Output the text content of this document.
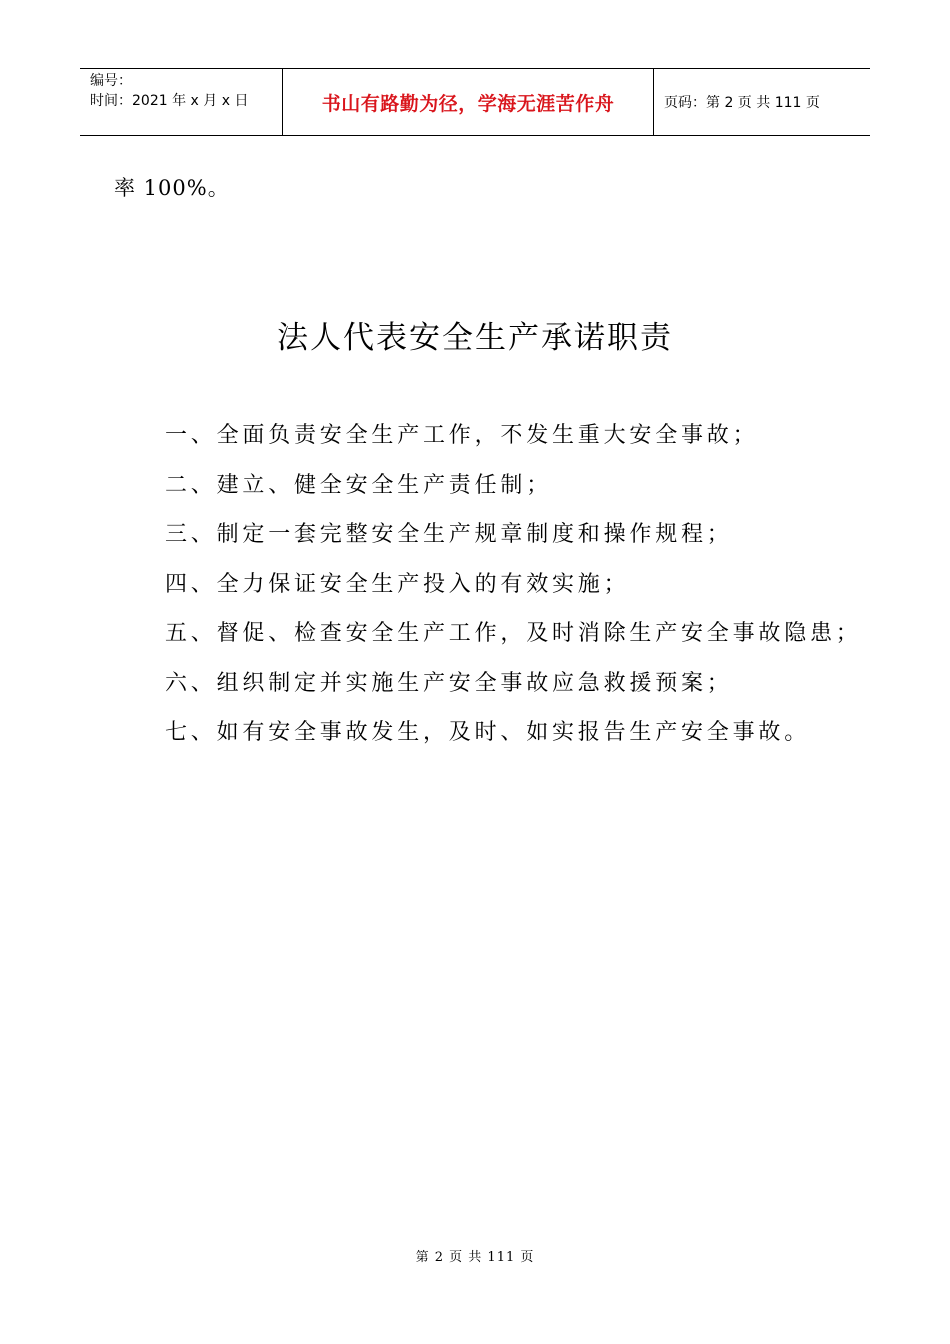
编号：
时间：2021 年 x 月 x 日	书山有路勤为径，学海无涯苦作舟	页码：第 2 页 共 111 页
率 100%。
法人代表安全生产承诺职责
一、全面负责安全生产工作，不发生重大安全事故；
二、建立、健全安全生产责任制；
三、制定一套完整安全生产规章制度和操作规程；
四、全力保证安全生产投入的有效实施；
五、督促、检查安全生产工作，及时消除生产安全事故隐患；
六、组织制定并实施生产安全事故应急救援预案；
七、如有安全事故发生，及时、如实报告生产安全事故。
第 2 页 共 111 页
